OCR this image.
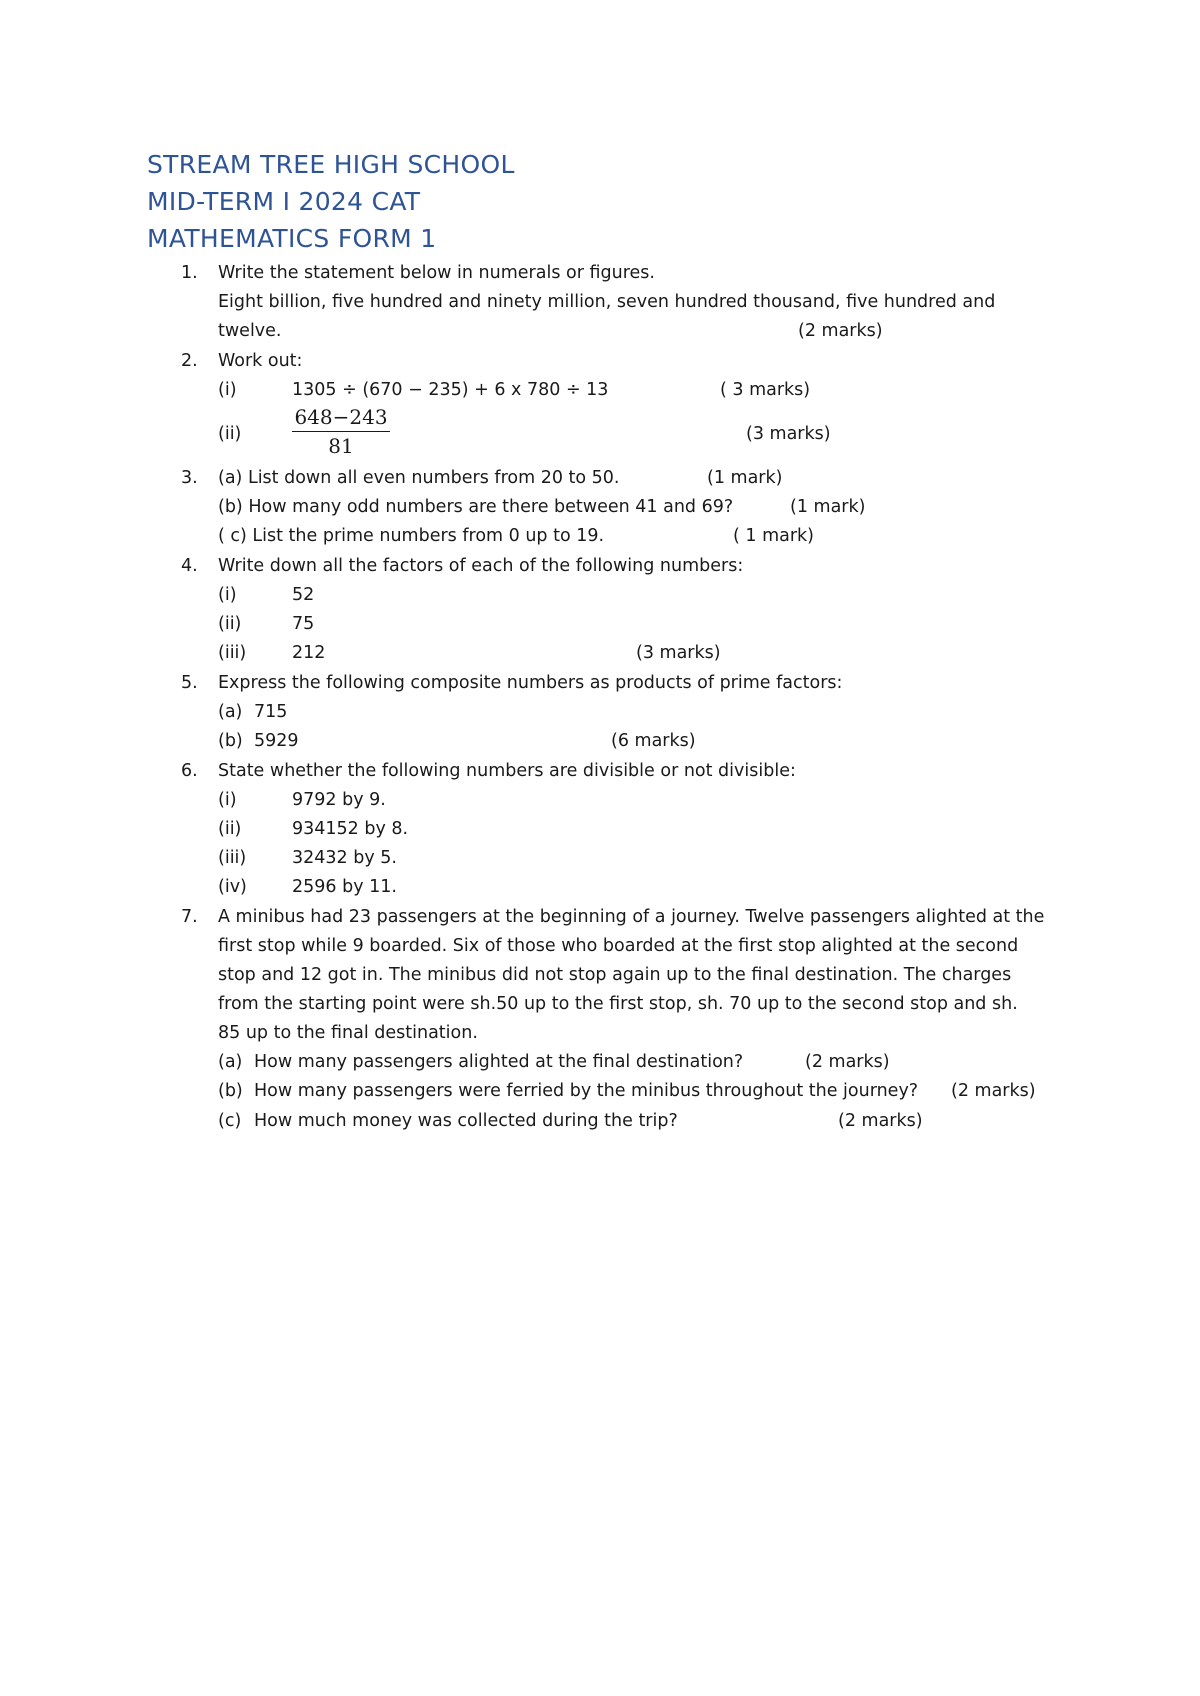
STREAM TREE HIGH SCHOOL
MID-TERM I 2024 CAT
MATHEMATICS FORM 1
1. Write the statement below in numerals or figures.
Eight billion, five hundred and ninety million, seven hundred thousand, five hundred and
twelve.	(2 marks)
2. Work out:
(i)	1305 ÷ (670 − 235) + 6 x 780 ÷ 13	( 3 marks)
(ii)	$\frac{648-243}{81}$	(3 marks)
3. (a) List down all even numbers from 20 to 50.	(1 mark)
(b) How many odd numbers are there between 41 and 69?	(1 mark)
( c) List the prime numbers from 0 up to 19.	( 1 mark)
4. Write down all the factors of each of the following numbers:
(i)	52
(ii)	75
(iii)	212	(3 marks)
5. Express the following composite numbers as products of prime factors:
(a) 715
(b) 5929	(6 marks)
6. State whether the following numbers are divisible or not divisible:
(i)	9792 by 9.
(ii)	934152 by 8.
(iii)	32432 by 5.
(iv)	2596 by 11.
7. A minibus had 23 passengers at the beginning of a journey. Twelve passengers alighted at the
first stop while 9 boarded. Six of those who boarded at the first stop alighted at the second
stop and 12 got in. The minibus did not stop again up to the final destination. The charges
from the starting point were sh.50 up to the first stop, sh. 70 up to the second stop and sh.
85 up to the final destination.
(a) How many passengers alighted at the final destination?	(2 marks)
(b) How many passengers were ferried by the minibus throughout the journey? (2 marks)
(c) How much money was collected during the trip?	(2 marks)
